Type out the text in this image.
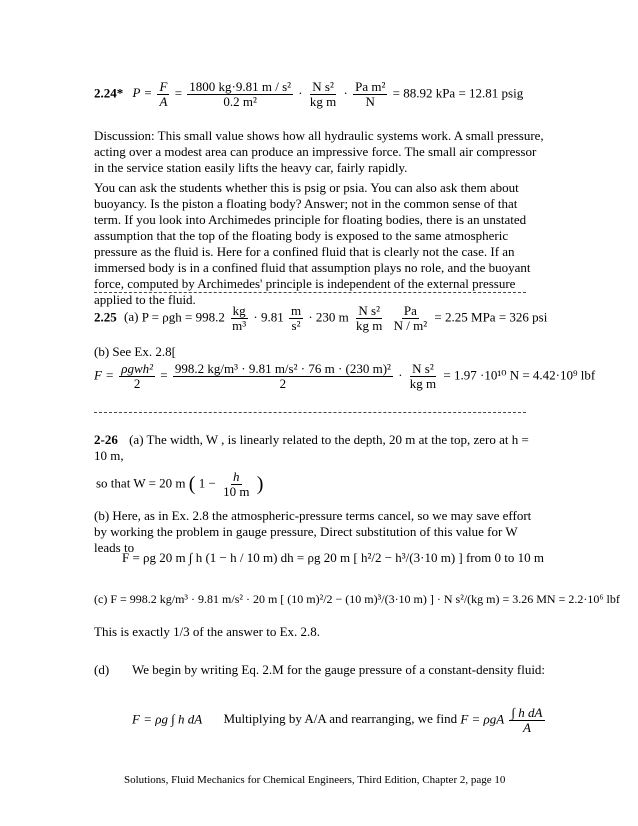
2.24* $P = \frac{F}{A} = \frac{\text{1800 kg·9.81 m / s²}}{\text{0.2 m²}} \cdot \frac{\text{N s²}}{\text{kg m}} \cdot \frac{\text{Pa m²}}{N} = 88.92$ kPa = 12.81 psig
Discussion: This small value shows how all hydraulic systems work. A small pressure, acting over a modest area can produce an impressive force. The small air compressor in the service station easily lifts the heavy car, fairly rapidly.
You can ask the students whether this is psig or psia. You can also ask them about buoyancy. Is the piston a floating body? Answer; not in the common sense of that term. If you look into Archimedes principle for floating bodies, there is an unstated assumption that the top of the floating body is exposed to the same atmospheric pressure as the fluid is. Here for a confined fluid that is clearly not the case. If an immersed body is in a confined fluid that assumption plays no role, and the buoyant force, computed by Archimedes' principle is independent of the external pressure applied to the fluid.
2.25 (a) $P = \rho gh = 998.2 \frac{kg}{\text{m³}} \cdot 9.81 \frac{m}{\text{s²}} \cdot 230$ m $\frac{\text{N s²}}{\text{kg m}}$
$\frac{Pa}{\text{N / m²}} = 2.25$ MPa = 326 psi
(b) See Ex. 2.8[
$F = \frac{\text{ρgwh²}}{2} = \frac{\text{998.2 kg/m³ · 9.81 m/s² · 76 m · (230 m)²}}{2} \cdot \frac{\text{N s²}}{\text{kg m}} = 1.97 \cdot 10^{10}$ N = 4.42·10⁹ lbf
2-26 (a) The width, W , is linearly related to the depth, 20 m at the top, zero at h = 10 m,
so that W = 20 m ( $1 - \frac{h}{10 m}$ )
(b) Here, as in Ex. 2.8 the atmospheric-pressure terms cancel, so we may save effort by working the problem in gauge pressure, Direct substitution of this value for W leads to
F = ρg 20 m ∫ h (1 − h / 10 m) dh = ρg 20 m [ h²/2 − h³/(3·10 m) ] from 0 to 10 m
(c) F = 998.2 kg/m³ · 9.81 m/s² · 20 m [ (10 m)²/2 − (10 m)³/(3·10 m) ] · N s²/(kg m) = 3.26 MN = 2.2·10⁶ lbf
This is exactly 1/3 of the answer to Ex. 2.8.
(d) We begin by writing Eq. 2.M for the gauge pressure of a constant-density fluid:
F = ρg ∫ h dA Multiplying by A/A and rearranging, we find F = ρgA $\frac{\text{∫ h dA}}{A}$
Solutions, Fluid Mechanics for Chemical Engineers, Third Edition, Chapter 2, page 10
